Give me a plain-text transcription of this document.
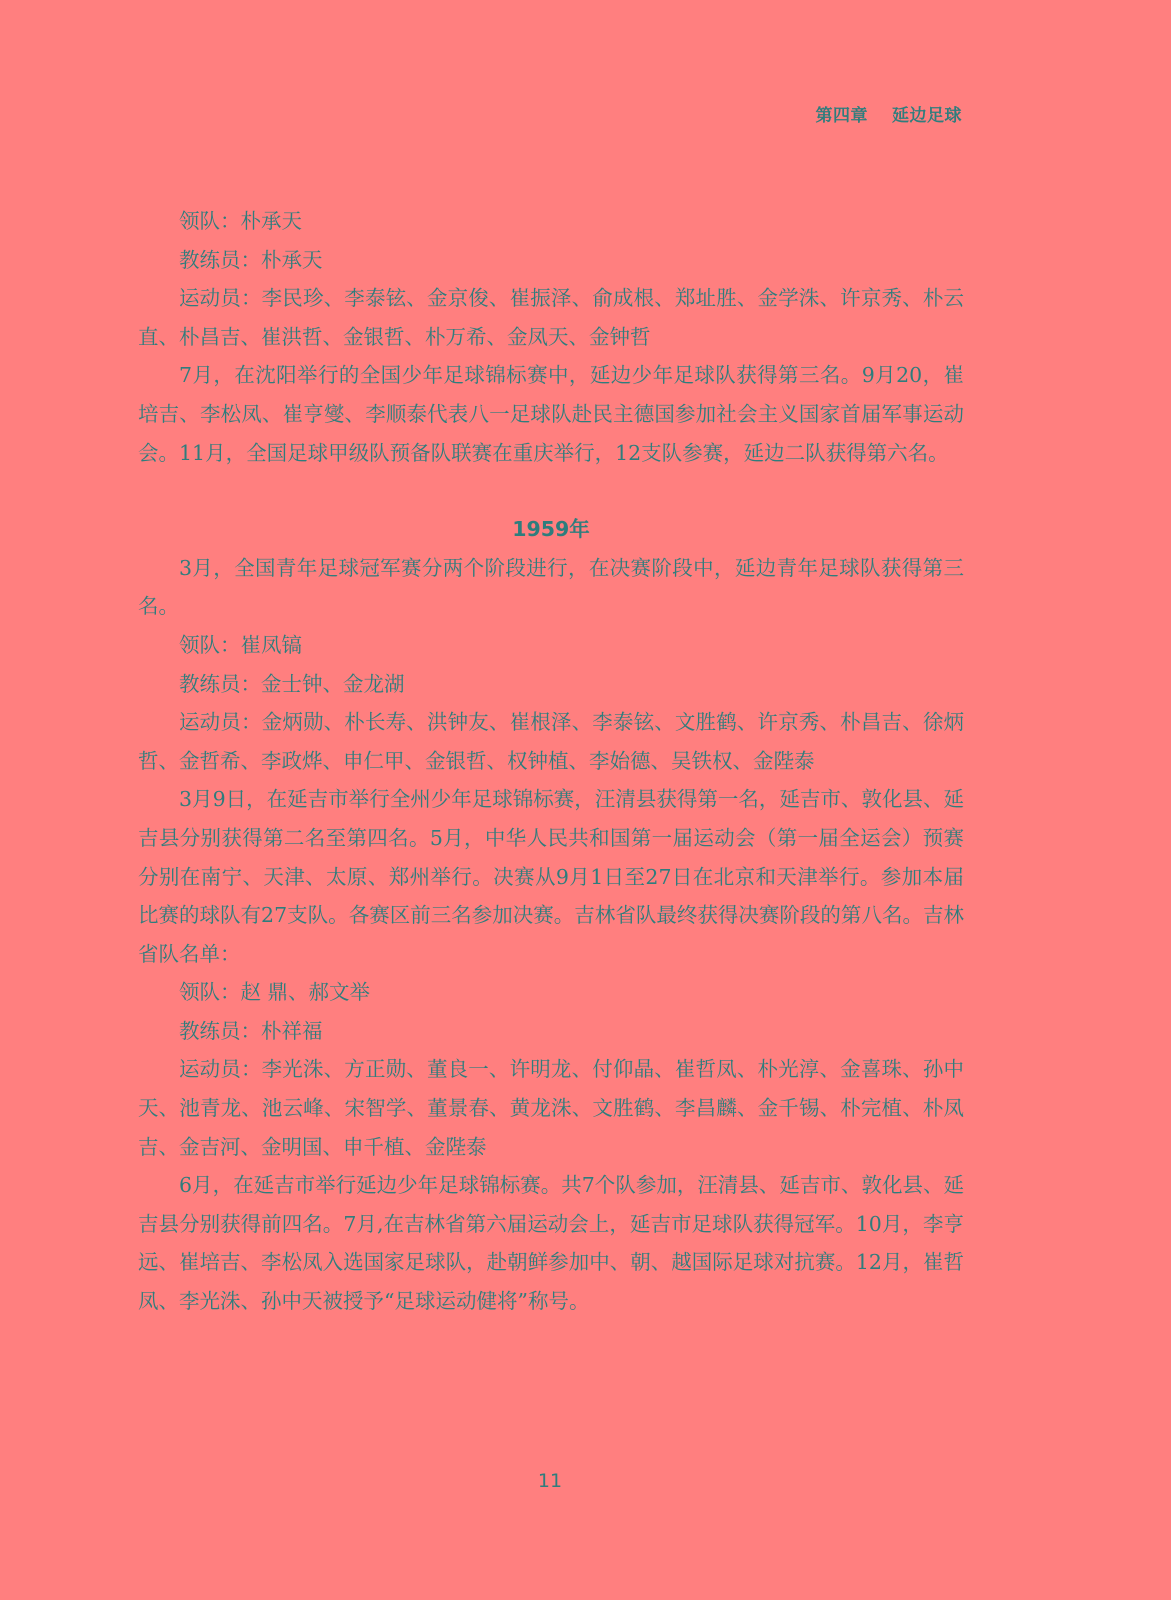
第四章 延边足球

领队：朴承天

教练员：朴承天

运动员：李民珍、李泰铉、金京俊、崔振泽、俞成根、郑址胜、金学洙、许京秀、朴云直、朴昌吉、崔洪哲、金银哲、朴万希、金凤天、金钟哲

7月，在沈阳举行的全国少年足球锦标赛中，延边少年足球队获得第三名。9月20，崔培吉、李松凤、崔亨燮、李顺泰代表八一足球队赴民主德国参加社会主义国家首届军事运动会。11月，全国足球甲级队预备队联赛在重庆举行，12支队参赛，延边二队获得第六名。

1959年

3月，全国青年足球冠军赛分两个阶段进行，在决赛阶段中，延边青年足球队获得第三名。

领队：崔凤镐

教练员：金士钟、金龙湖

运动员：金炳勋、朴长寿、洪钟友、崔根泽、李泰铉、文胜鹤、许京秀、朴昌吉、徐炳哲、金哲希、李政烨、申仁甲、金银哲、权钟植、李始德、吴铁权、金陛泰

3月9日，在延吉市举行全州少年足球锦标赛，汪清县获得第一名，延吉市、敦化县、延吉县分别获得第二名至第四名。5月，中华人民共和国第一届运动会（第一届全运会）预赛分别在南宁、天津、太原、郑州举行。决赛从9月1日至27日在北京和天津举行。参加本届比赛的球队有27支队。各赛区前三名参加决赛。吉林省队最终获得决赛阶段的第八名。吉林省队名单：

领队：赵 鼎、郝文举

教练员：朴祥福

运动员：李光洙、方正勋、董良一、许明龙、付仰晶、崔哲凤、朴光淳、金喜珠、孙中天、池青龙、池云峰、宋智学、董景春、黄龙洙、文胜鹤、李昌麟、金千锡、朴完植、朴凤吉、金吉河、金明国、申千植、金陛泰

6月，在延吉市举行延边少年足球锦标赛。共7个队参加，汪清县、延吉市、敦化县、延吉县分别获得前四名。7月,在吉林省第六届运动会上，延吉市足球队获得冠军。10月，李亨远、崔培吉、李松凤入选国家足球队，赴朝鲜参加中、朝、越国际足球对抗赛。12月，崔哲凤、李光洙、孙中天被授予“足球运动健将”称号。

11
